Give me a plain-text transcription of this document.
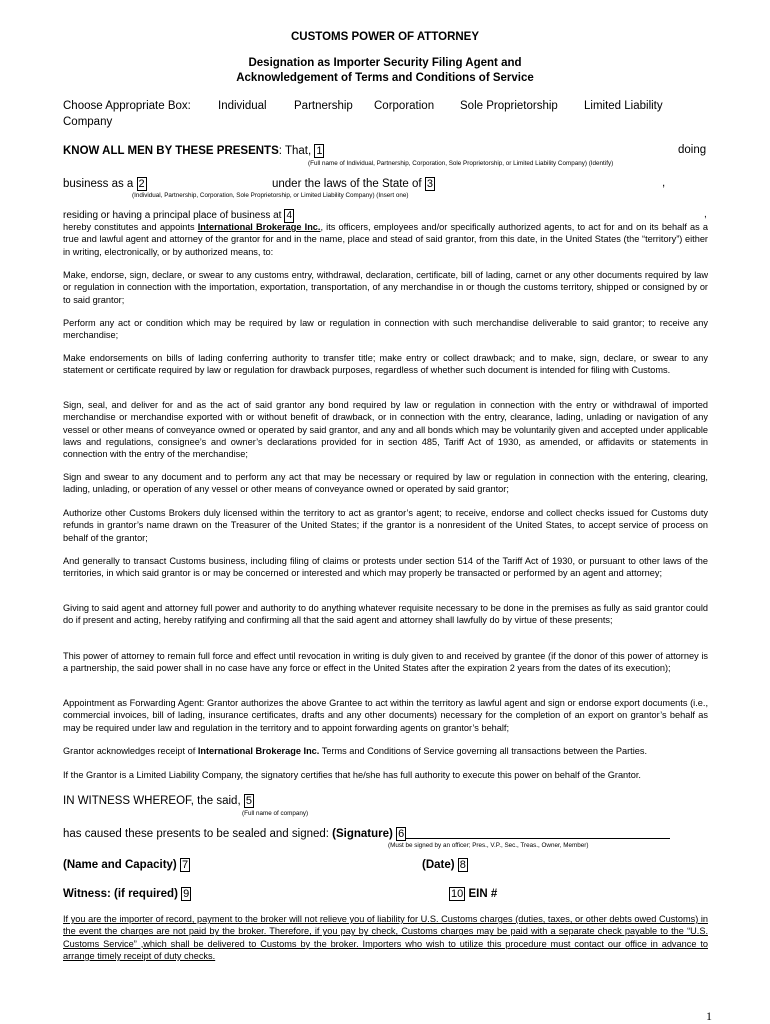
CUSTOMS POWER OF ATTORNEY
Designation as Importer Security Filing Agent and
Acknowledgement of Terms and Conditions of Service
Choose Appropriate Box: Individual Partnership Corporation Sole Proprietorship Limited Liability
Company
KNOW ALL MEN BY THESE PRESENTS: That, 1	doing
(Full name of Individual, Partnership, Corporation, Sole Proprietorship, or Limited Liability Company) (Identify)
business as a 2	under the laws of the State of 3	,
(Individual, Partnership, Corporation, Sole Proprietorship, or Limited Liability Company) (Insert one)
residing or having a principal place of business at 4	,
hereby constitutes and appoints International Brokerage Inc., its officers, employees and/or specifically authorized agents, to act for and on its behalf as a true and lawful agent and attorney of the grantor for and in the name, place and stead of said grantor, from this date, in the United States (the “territory”) either in writing, electronically, or by authorized means, to:
Make, endorse, sign, declare, or swear to any customs entry, withdrawal, declaration, certificate, bill of lading, carnet or any other documents required by law or regulation in connection with the importation, exportation, transportation, of any merchandise in or though the customs territory, shipped or consigned by or to said grantor;
Perform any act or condition which may be required by law or regulation in connection with such merchandise deliverable to said grantor; to receive any merchandise;
Make endorsements on bills of lading conferring authority to transfer title; make entry or collect drawback; and to make, sign, declare, or swear to any statement or certificate required by law or regulation for drawback purposes, regardless of whether such document is intended for filing with Customs.
Sign, seal, and deliver for and as the act of said grantor any bond required by law or regulation in connection with the entry or withdrawal of imported merchandise or merchandise exported with or without benefit of drawback, or in connection with the entry, clearance, lading, unlading or navigation of any vessel or other means of conveyance owned or operated by said grantor, and any and all bonds which may be voluntarily given and accepted under applicable laws and regulations, consignee’s and owner’s declarations provided for in section 485, Tariff Act of 1930, as amended, or affidavits or statements in connection with the entry of the merchandise;
Sign and swear to any document and to perform any act that may be necessary or required by law or regulation in connection with the entering, clearing, lading, unlading, or operation of any vessel or other means of conveyance owned or operated by said grantor;
Authorize other Customs Brokers duly licensed within the territory to act as grantor’s agent; to receive, endorse and collect checks issued for Customs duty refunds in grantor’s name drawn on the Treasurer of the United States; if the grantor is a nonresident of the United States, to accept service of process on behalf of the grantor;
And generally to transact Customs business, including filing of claims or protests under section 514 of the Tariff Act of 1930, or pursuant to other laws of the territories, in which said grantor is or may be concerned or interested and which may properly be transacted or performed by an agent and attorney;
Giving to said agent and attorney full power and authority to do anything whatever requisite necessary to be done in the premises as fully as said grantor could do if present and acting, hereby ratifying and confirming all that the said agent and attorney shall lawfully do by virtue of these presents;
This power of attorney to remain full force and effect until revocation in writing is duly given to and received by grantee (if the donor of this power of attorney is a partnership, the said power shall in no case have any force or effect in the United States after the expiration 2 years from the dates of its execution);
Appointment as Forwarding Agent: Grantor authorizes the above Grantee to act within the territory as lawful agent and sign or endorse export documents (i.e., commercial invoices, bill of lading, insurance certificates, drafts and any other documents) necessary for the completion of an export on grantor’s behalf as may be required under law and regulation in the territory and to appoint forwarding agents on grantor’s behalf;
Grantor acknowledges receipt of International Brokerage Inc. Terms and Conditions of Service governing all transactions between the Parties.
If the Grantor is a Limited Liability Company, the signatory certifies that he/she has full authority to execute this power on behalf of the Grantor.
IN WITNESS WHEREOF, the said, 5
(Full name of company)
has caused these presents to be sealed and signed: (Signature) 6
(Must be signed by an officer; Pres., V.P., Sec., Treas., Owner, Member)
(Name and Capacity) 7	(Date) 8
Witness: (if required) 9	10 EIN #
If you are the importer of record, payment to the broker will not relieve you of liability for U.S. Customs charges (duties, taxes, or other debts owed Customs) in the event the charges are not paid by the broker. Therefore, if you pay by check, Customs charges may be paid with a separate check payable to the “U.S. Customs Service” ,which shall be delivered to Customs by the broker. Importers who wish to utilize this procedure must contact our office in advance to arrange timely receipt of duty checks.
1
